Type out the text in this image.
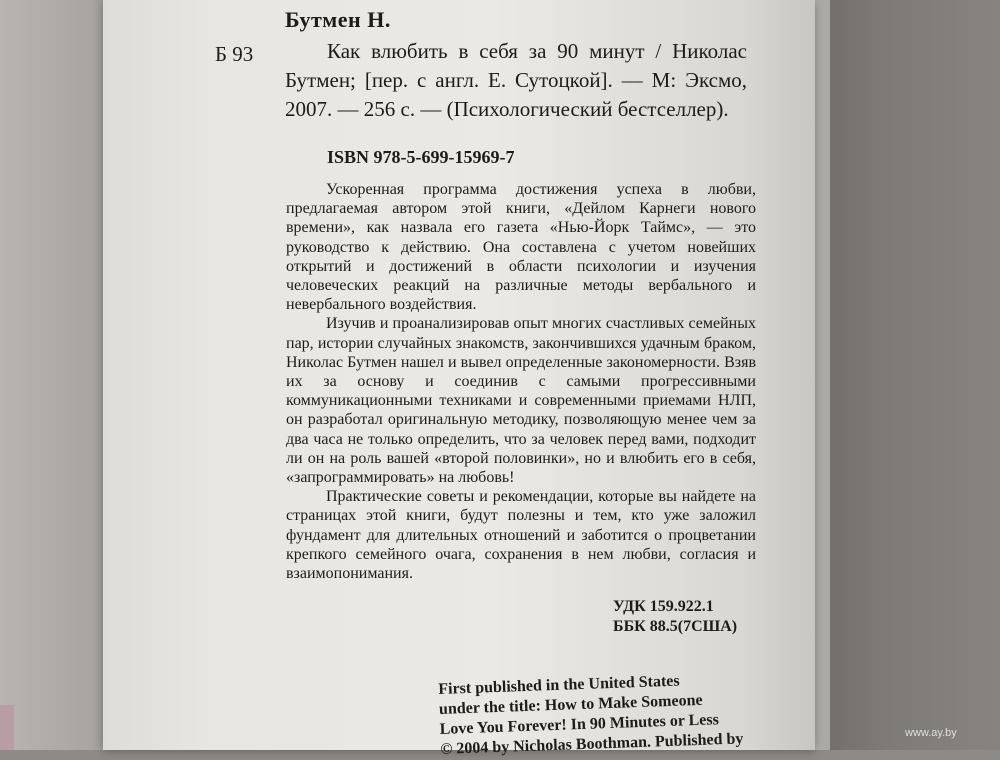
Бутмен Н.
Б 93	Как влюбить в себя за 90 минут / Николас Бутмен; [пер. с англ. Е. Сутоцкой]. — М: Эксмо, 2007. — 256 с. — (Психологический бестселлер).
ISBN 978-5-699-15969-7

Ускоренная программа достижения успеха в любви, предлагаемая автором этой книги, «Дейлом Карнеги нового времени», как назвала его газета «Нью-Йорк Таймс», — это руководство к действию. Она составлена с учетом новейших открытий и достижений в области психологии и изучения человеческих реакций на различные методы вербального и невербального воздействия.

Изучив и проанализировав опыт многих счастливых семейных пар, истории случайных знакомств, закончившихся удачным браком, Николас Бутмен нашел и вывел определенные закономерности. Взяв их за основу и соединив с самыми прогрессивными коммуникационными техниками и современными приемами НЛП, он разработал оригинальную методику, позволяющую менее чем за два часа не только определить, что за человек перед вами, подходит ли он на роль вашей «второй половинки», но и влюбить его в себя, «запрограммировать» на любовь!

Практические советы и рекомендации, которые вы найдете на страницах этой книги, будут полезны и тем, кто уже заложил фундамент для длительных отношений и заботится о процветании крепкого семейного очага, сохранения в нем любви, согласия и взаимопонимания.

УДК 159.922.1
ББК 88.5(7США)
First published in the United States
under the title: How to Make Someone
Love You Forever! In 90 Minutes or Less
© 2004 by Nicholas Boothman. Published by	www.ay.by
